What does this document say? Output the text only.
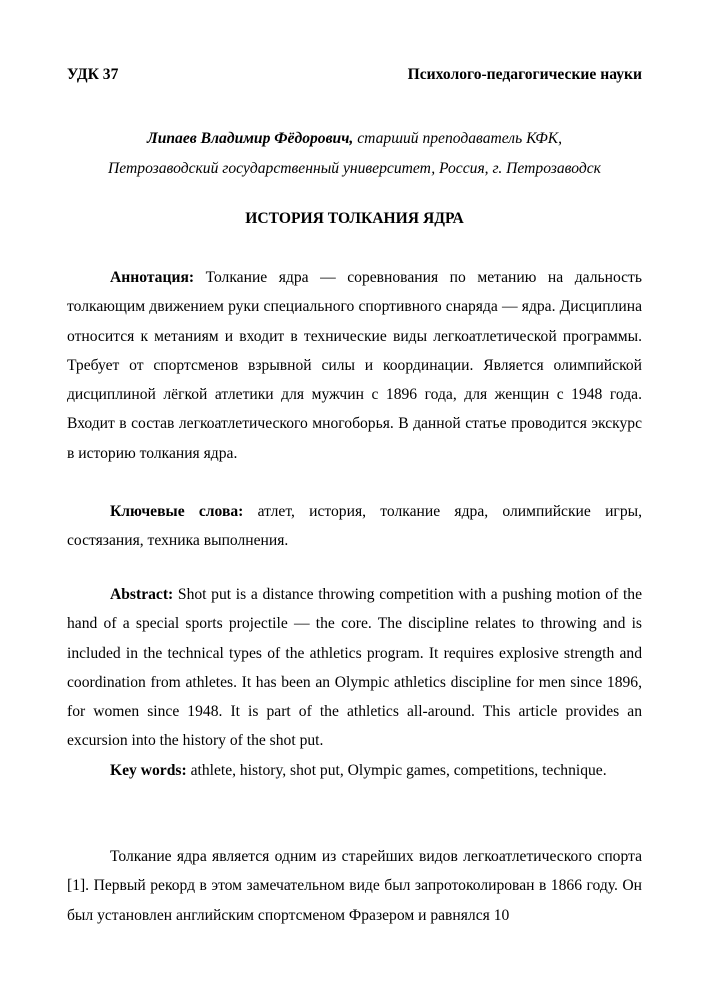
УДК 37	Психолого-педагогические науки
Липаев Владимир Фёдорович, старший преподаватель КФК,
Петрозаводский государственный университет, Россия, г. Петрозаводск
ИСТОРИЯ ТОЛКАНИЯ ЯДРА

Аннотация: Толкание ядра — соревнования по метанию на дальность толкающим движением руки специального спортивного снаряда — ядра. Дисциплина относится к метаниям и входит в технические виды легкоатлетической программы. Требует от спортсменов взрывной силы и координации. Является олимпийской дисциплиной лёгкой атлетики для мужчин с 1896 года, для женщин с 1948 года. Входит в состав легкоатлетического многоборья. В данной статье проводится экскурс в историю толкания ядра.

Ключевые слова: атлет, история, толкание ядра, олимпийские игры, состязания, техника выполнения.

Abstract: Shot put is a distance throwing competition with a pushing motion of the hand of a special sports projectile — the core. The discipline relates to throwing and is included in the technical types of the athletics program. It requires explosive strength and coordination from athletes. It has been an Olympic athletics discipline for men since 1896, for women since 1948. It is part of the athletics all-around. This article provides an excursion into the history of the shot put.

Key words: athlete, history, shot put, Olympic games, competitions, technique.

Толкание ядра является одним из старейших видов легкоатлетического спорта [1]. Первый рекорд в этом замечательном виде был запротоколирован в 1866 году. Он был установлен английским спортсменом Фразером и равнялся 10
